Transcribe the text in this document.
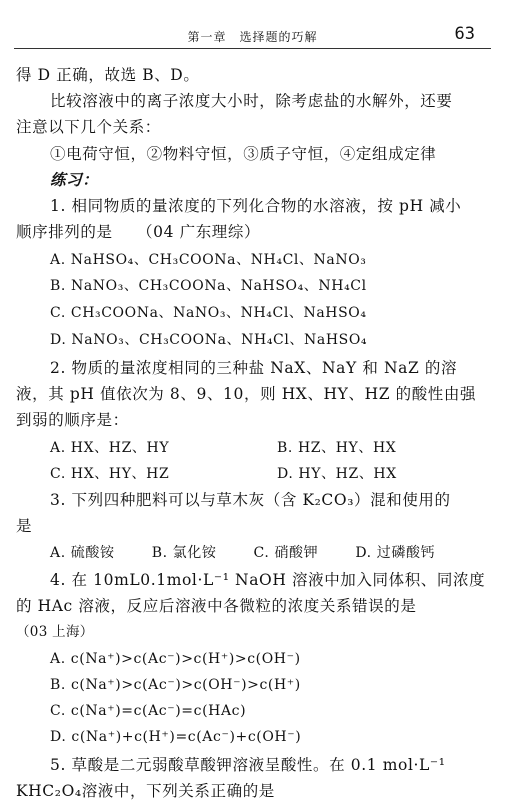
第一章　选择题的巧解	63
得 D 正确，故选 B、D。
比较溶液中的离子浓度大小时，除考虑盐的水解外，还要
注意以下几个关系：
①电荷守恒，②物料守恒，③质子守恒，④定组成定律
练习：
1. 相同物质的量浓度的下列化合物的水溶液，按 pH 减小
顺序排列的是　　（04 广东理综）
A. NaHSO₄、CH₃COONa、NH₄Cl、NaNO₃
B. NaNO₃、CH₃COONa、NaHSO₄、NH₄Cl
C. CH₃COONa、NaNO₃、NH₄Cl、NaHSO₄
D. NaNO₃、CH₃COONa、NH₄Cl、NaHSO₄
2. 物质的量浓度相同的三种盐 NaX、NaY 和 NaZ 的溶
液，其 pH 值依次为 8、9、10，则 HX、HY、HZ 的酸性由强
到弱的顺序是：
A. HX、HZ、HY	B. HZ、HY、HX
C. HX、HY、HZ	D. HY、HZ、HX
3. 下列四种肥料可以与草木灰（含 K₂CO₃）混和使用的
是
A. 硫酸铵	B. 氯化铵	C. 硝酸钾	D. 过磷酸钙
4. 在 10mL0.1mol·L⁻¹ NaOH 溶液中加入同体积、同浓度
的 HAc 溶液，反应后溶液中各微粒的浓度关系错误的是
（03 上海）
A. c(Na⁺)>c(Ac⁻)>c(H⁺)>c(OH⁻)
B. c(Na⁺)>c(Ac⁻)>c(OH⁻)>c(H⁺)
C. c(Na⁺)=c(Ac⁻)=c(HAc)
D. c(Na⁺)+c(H⁺)=c(Ac⁻)+c(OH⁻)
5. 草酸是二元弱酸草酸钾溶液呈酸性。在 0.1 mol·L⁻¹
KHC₂O₄溶液中，下列关系正确的是
